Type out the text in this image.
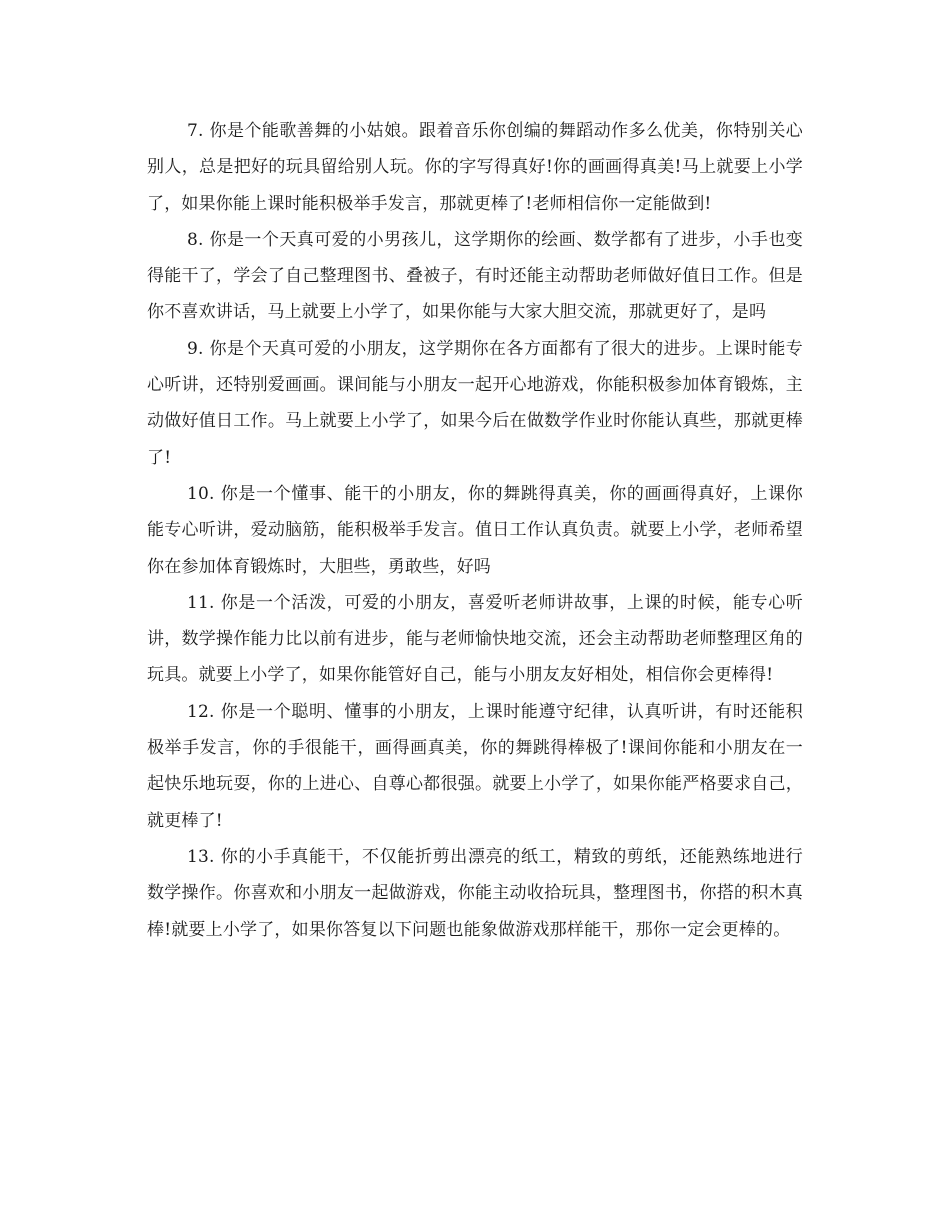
7. 你是个能歌善舞的小姑娘。跟着音乐你创编的舞蹈动作多么优美，你特别关心别人，总是把好的玩具留给别人玩。你的字写得真好!你的画画得真美!马上就要上小学了，如果你能上课时能积极举手发言，那就更棒了!老师相信你一定能做到!

8. 你是一个天真可爱的小男孩儿，这学期你的绘画、数学都有了进步，小手也变得能干了，学会了自己整理图书、叠被子，有时还能主动帮助老师做好值日工作。但是你不喜欢讲话，马上就要上小学了，如果你能与大家大胆交流，那就更好了，是吗

9. 你是个天真可爱的小朋友，这学期你在各方面都有了很大的进步。上课时能专心听讲，还特别爱画画。课间能与小朋友一起开心地游戏，你能积极参加体育锻炼，主动做好值日工作。马上就要上小学了，如果今后在做数学作业时你能认真些，那就更棒了!

10. 你是一个懂事、能干的小朋友，你的舞跳得真美，你的画画得真好，上课你能专心听讲，爱动脑筋，能积极举手发言。值日工作认真负责。就要上小学，老师希望你在参加体育锻炼时，大胆些，勇敢些，好吗

11. 你是一个活泼，可爱的小朋友，喜爱听老师讲故事，上课的时候，能专心听讲，数学操作能力比以前有进步，能与老师愉快地交流，还会主动帮助老师整理区角的玩具。就要上小学了，如果你能管好自己，能与小朋友友好相处，相信你会更棒得!

12. 你是一个聪明、懂事的小朋友，上课时能遵守纪律，认真听讲，有时还能积极举手发言，你的手很能干，画得画真美，你的舞跳得棒极了!课间你能和小朋友在一起快乐地玩耍，你的上进心、自尊心都很强。就要上小学了，如果你能严格要求自己，就更棒了!

13. 你的小手真能干，不仅能折剪出漂亮的纸工，精致的剪纸，还能熟练地进行数学操作。你喜欢和小朋友一起做游戏，你能主动收拾玩具，整理图书，你搭的积木真棒!就要上小学了，如果你答复以下问题也能象做游戏那样能干，那你一定会更棒的。
